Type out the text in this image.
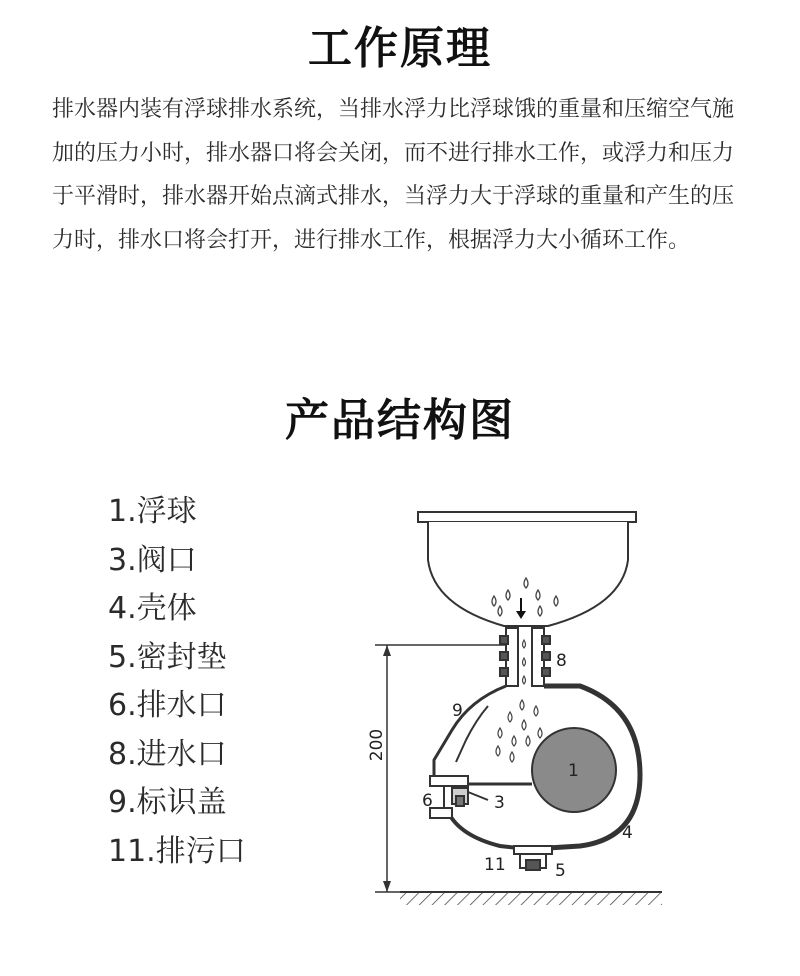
工作原理
排水器内装有浮球排水系统，当排水浮力比浮球饿的重量和压缩空气施加的压力小时，排水器口将会关闭，而不进行排水工作，或浮力和压力于平滑时，排水器开始点滴式排水，当浮力大于浮球的重量和产生的压力时，排水口将会打开，进行排水工作，根据浮力大小循环工作。
产品结构图
1.浮球
3.阀口
4.壳体
5.密封垫
6.排水口
8.进水口
9.标识盖
11.排污口
200
1
3
4
5
6
8
9
11
